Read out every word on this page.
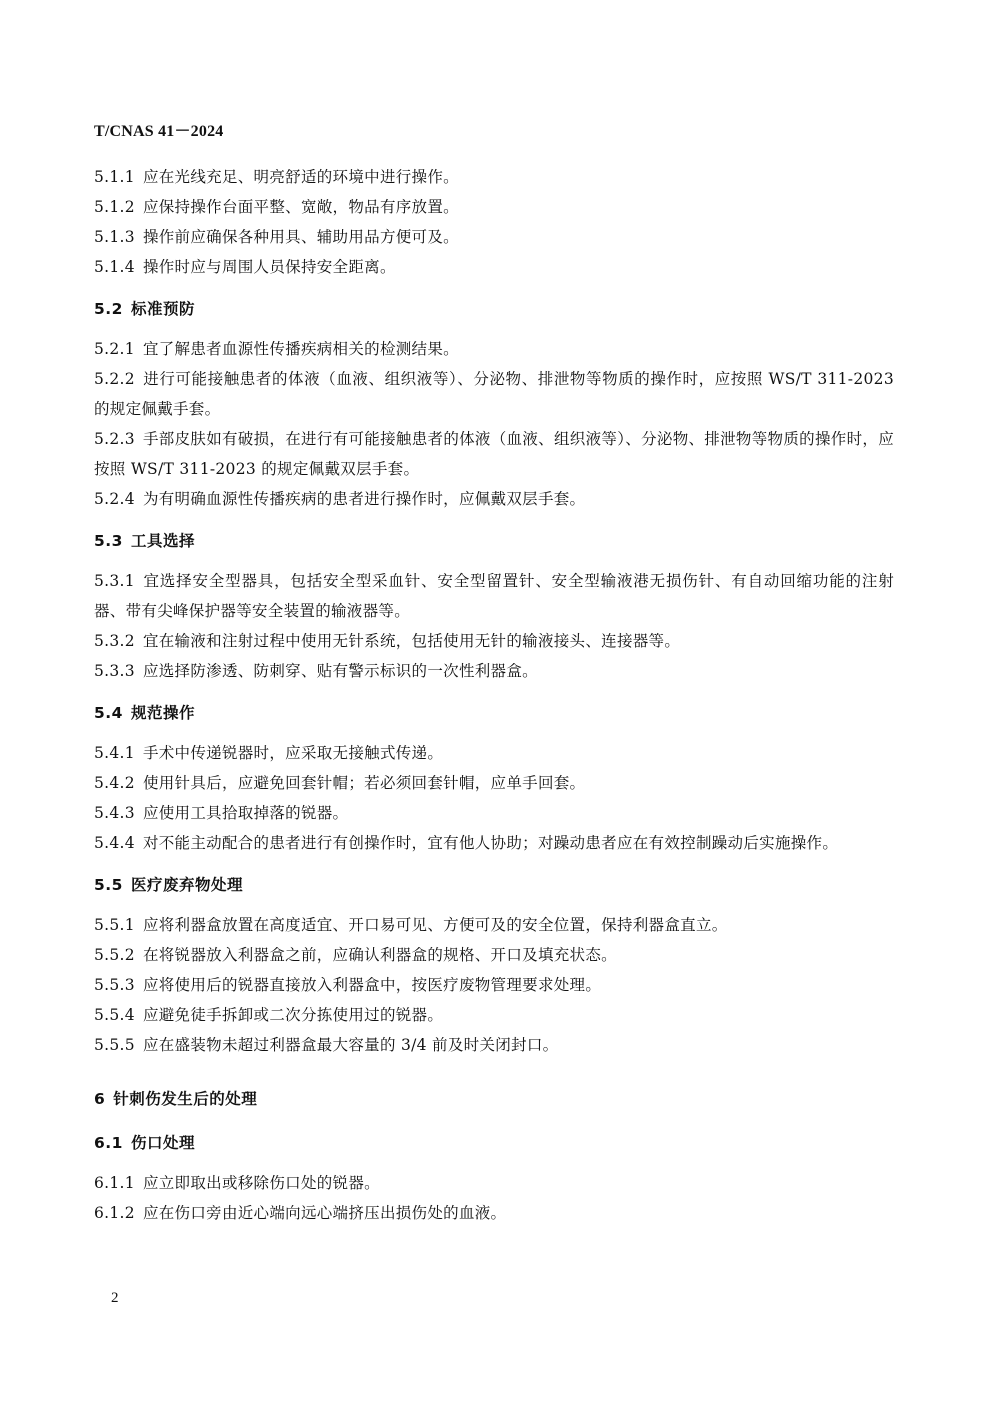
T/CNAS 41－2024

5.1.1 应在光线充足、明亮舒适的环境中进行操作。

5.1.2 应保持操作台面平整、宽敞，物品有序放置。

5.1.3 操作前应确保各种用具、辅助用品方便可及。

5.1.4 操作时应与周围人员保持安全距离。

5.2 标准预防

5.2.1 宜了解患者血源性传播疾病相关的检测结果。

5.2.2 进行可能接触患者的体液（血液、组织液等）、分泌物、排泄物等物质的操作时，应按照 WS/T 311-2023 的规定佩戴手套。

5.2.3 手部皮肤如有破损，在进行有可能接触患者的体液（血液、组织液等）、分泌物、排泄物等物质的操作时，应按照 WS/T 311-2023 的规定佩戴双层手套。

5.2.4 为有明确血源性传播疾病的患者进行操作时，应佩戴双层手套。

5.3 工具选择

5.3.1 宜选择安全型器具，包括安全型采血针、安全型留置针、安全型输液港无损伤针、有自动回缩功能的注射器、带有尖峰保护器等安全装置的输液器等。

5.3.2 宜在输液和注射过程中使用无针系统，包括使用无针的输液接头、连接器等。

5.3.3 应选择防渗透、防刺穿、贴有警示标识的一次性利器盒。

5.4 规范操作

5.4.1 手术中传递锐器时，应采取无接触式传递。

5.4.2 使用针具后，应避免回套针帽；若必须回套针帽，应单手回套。

5.4.3 应使用工具拾取掉落的锐器。

5.4.4 对不能主动配合的患者进行有创操作时，宜有他人协助；对躁动患者应在有效控制躁动后实施操作。

5.5 医疗废弃物处理

5.5.1 应将利器盒放置在高度适宜、开口易可见、方便可及的安全位置，保持利器盒直立。

5.5.2 在将锐器放入利器盒之前，应确认利器盒的规格、开口及填充状态。

5.5.3 应将使用后的锐器直接放入利器盒中，按医疗废物管理要求处理。

5.5.4 应避免徒手拆卸或二次分拣使用过的锐器。

5.5.5 应在盛装物未超过利器盒最大容量的 3/4 前及时关闭封口。

6 针刺伤发生后的处理

6.1 伤口处理

6.1.1 应立即取出或移除伤口处的锐器。

6.1.2 应在伤口旁由近心端向远心端挤压出损伤处的血液。

2
